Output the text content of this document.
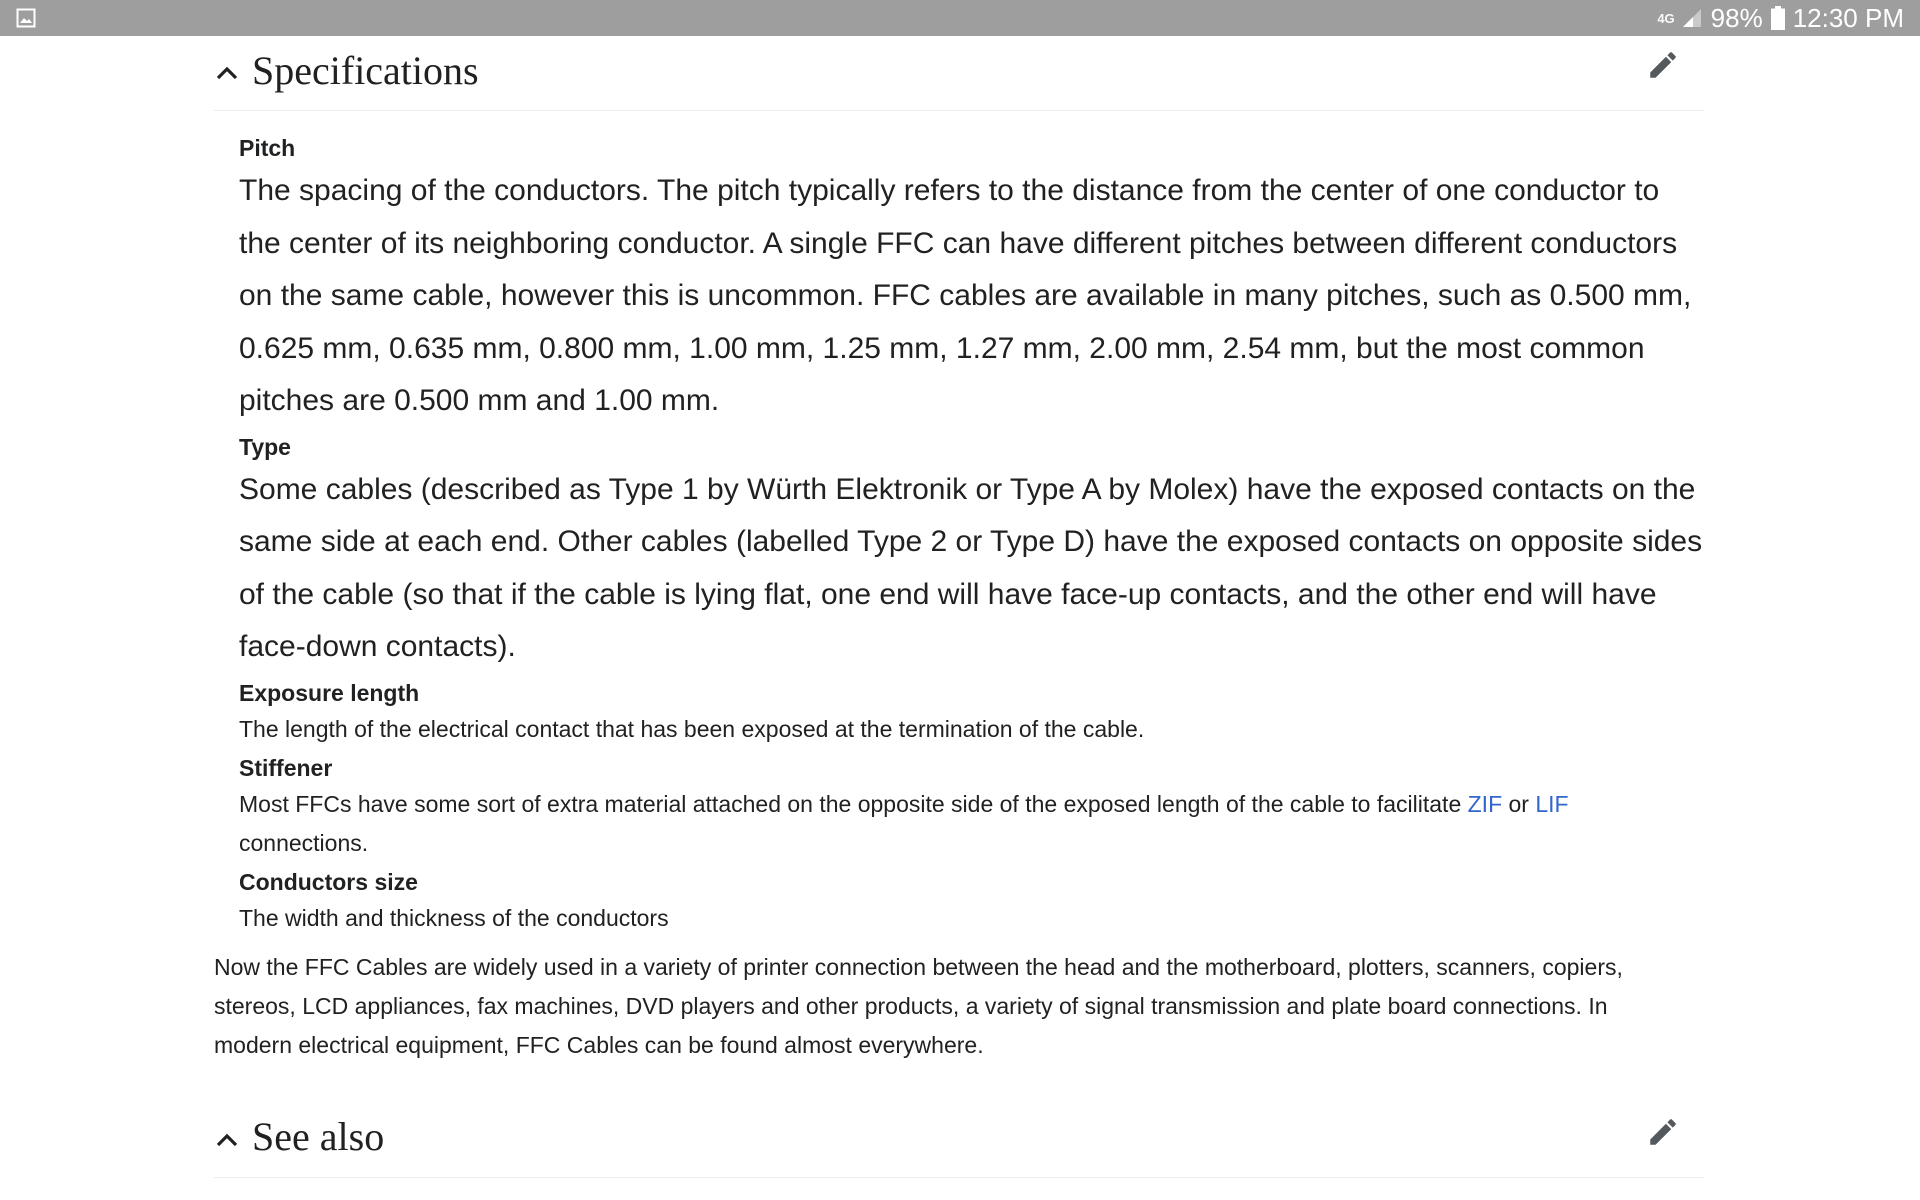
4G 98% 12:30 PM
Specifications
Pitch
The spacing of the conductors. The pitch typically refers to the distance from the center of one conductor to the center of its neighboring conductor. A single FFC can have different pitches between different conductors on the same cable, however this is uncommon. FFC cables are available in many pitches, such as 0.500 mm, 0.625 mm, 0.635 mm, 0.800 mm, 1.00 mm, 1.25 mm, 1.27 mm, 2.00 mm, 2.54 mm, but the most common pitches are 0.500 mm and 1.00 mm.
Type
Some cables (described as Type 1 by Würth Elektronik or Type A by Molex) have the exposed contacts on the same side at each end. Other cables (labelled Type 2 or Type D) have the exposed contacts on opposite sides of the cable (so that if the cable is lying flat, one end will have face-up contacts, and the other end will have face-down contacts).
Exposure length
The length of the electrical contact that has been exposed at the termination of the cable.
Stiffener
Most FFCs have some sort of extra material attached on the opposite side of the exposed length of the cable to facilitate ZIF or LIF connections.
Conductors size
The width and thickness of the conductors
Now the FFC Cables are widely used in a variety of printer connection between the head and the motherboard, plotters, scanners, copiers, stereos, LCD appliances, fax machines, DVD players and other products, a variety of signal transmission and plate board connections. In modern electrical equipment, FFC Cables can be found almost everywhere.
See also
